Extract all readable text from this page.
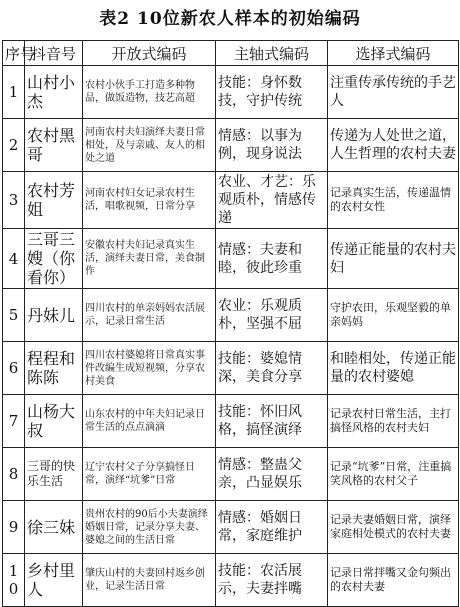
表2 10位新农人样本的初始编码
序号	抖音号	开放式编码	主轴式编码	选择式编码
1	山村小杰	农村小伙手工打造多种物品，做饭造物，技艺高超	技能：身怀数技，守护传统	注重传承传统的手艺人
2	农村黑哥	河南农村夫妇演绎夫妻日常相处，及与亲戚、友人的相处之道	情感：以事为例，现身说法	传递为人处世之道，人生哲理的农村夫妻
3	农村芳姐	河南农村妇女记录农村生活，唱歌视频，日常分享	农业、才艺：乐观质朴，情感传递	记录真实生活，传递温情的农村女性
4	三哥三嫂（你看你）	安徽农村夫妇记录真实生活，演绎夫妻日常，美食制作	情感：夫妻和睦，彼此珍重	传递正能量的农村夫妇
5	丹妹儿	四川农村的单亲妈妈农活展示，记录日常生活	农业：乐观质朴，坚强不屈	守护农田，乐观坚毅的单亲妈妈
6	程程和陈陈	四川农村婆媳将日常真实事件改编生成短视频，分享农村美食	技能：婆媳情深，美食分享	和睦相处，传递正能量的农村婆媳
7	山杨大叔	山东农村的中年夫妇记录日常生活的点点滴滴	技能：怀旧风格，搞怪演绎	记录农村日常生活，主打搞怪风格的农村夫妇
8	三哥的快乐生活	辽宁农村父子分享搞怪日常，演绎“坑爹”日常	情感：整蛊父亲，凸显娱乐	记录“坑爹”日常，注重搞笑风格的农村父子
9	徐三妹	贵州农村的90后小夫妻演绎婚姻日常，记录分享夫妻、婆媳之间的生活日常	情感：婚姻日常，家庭维护	记录夫妻婚姻日常，演绎家庭相处模式的农村夫妻
10	乡村里人	肇庆山村的夫妻回村返乡创业，记录生活日常	技能：农活展示，夫妻拌嘴	记录日常拌嘴又金句频出的农村夫妻
